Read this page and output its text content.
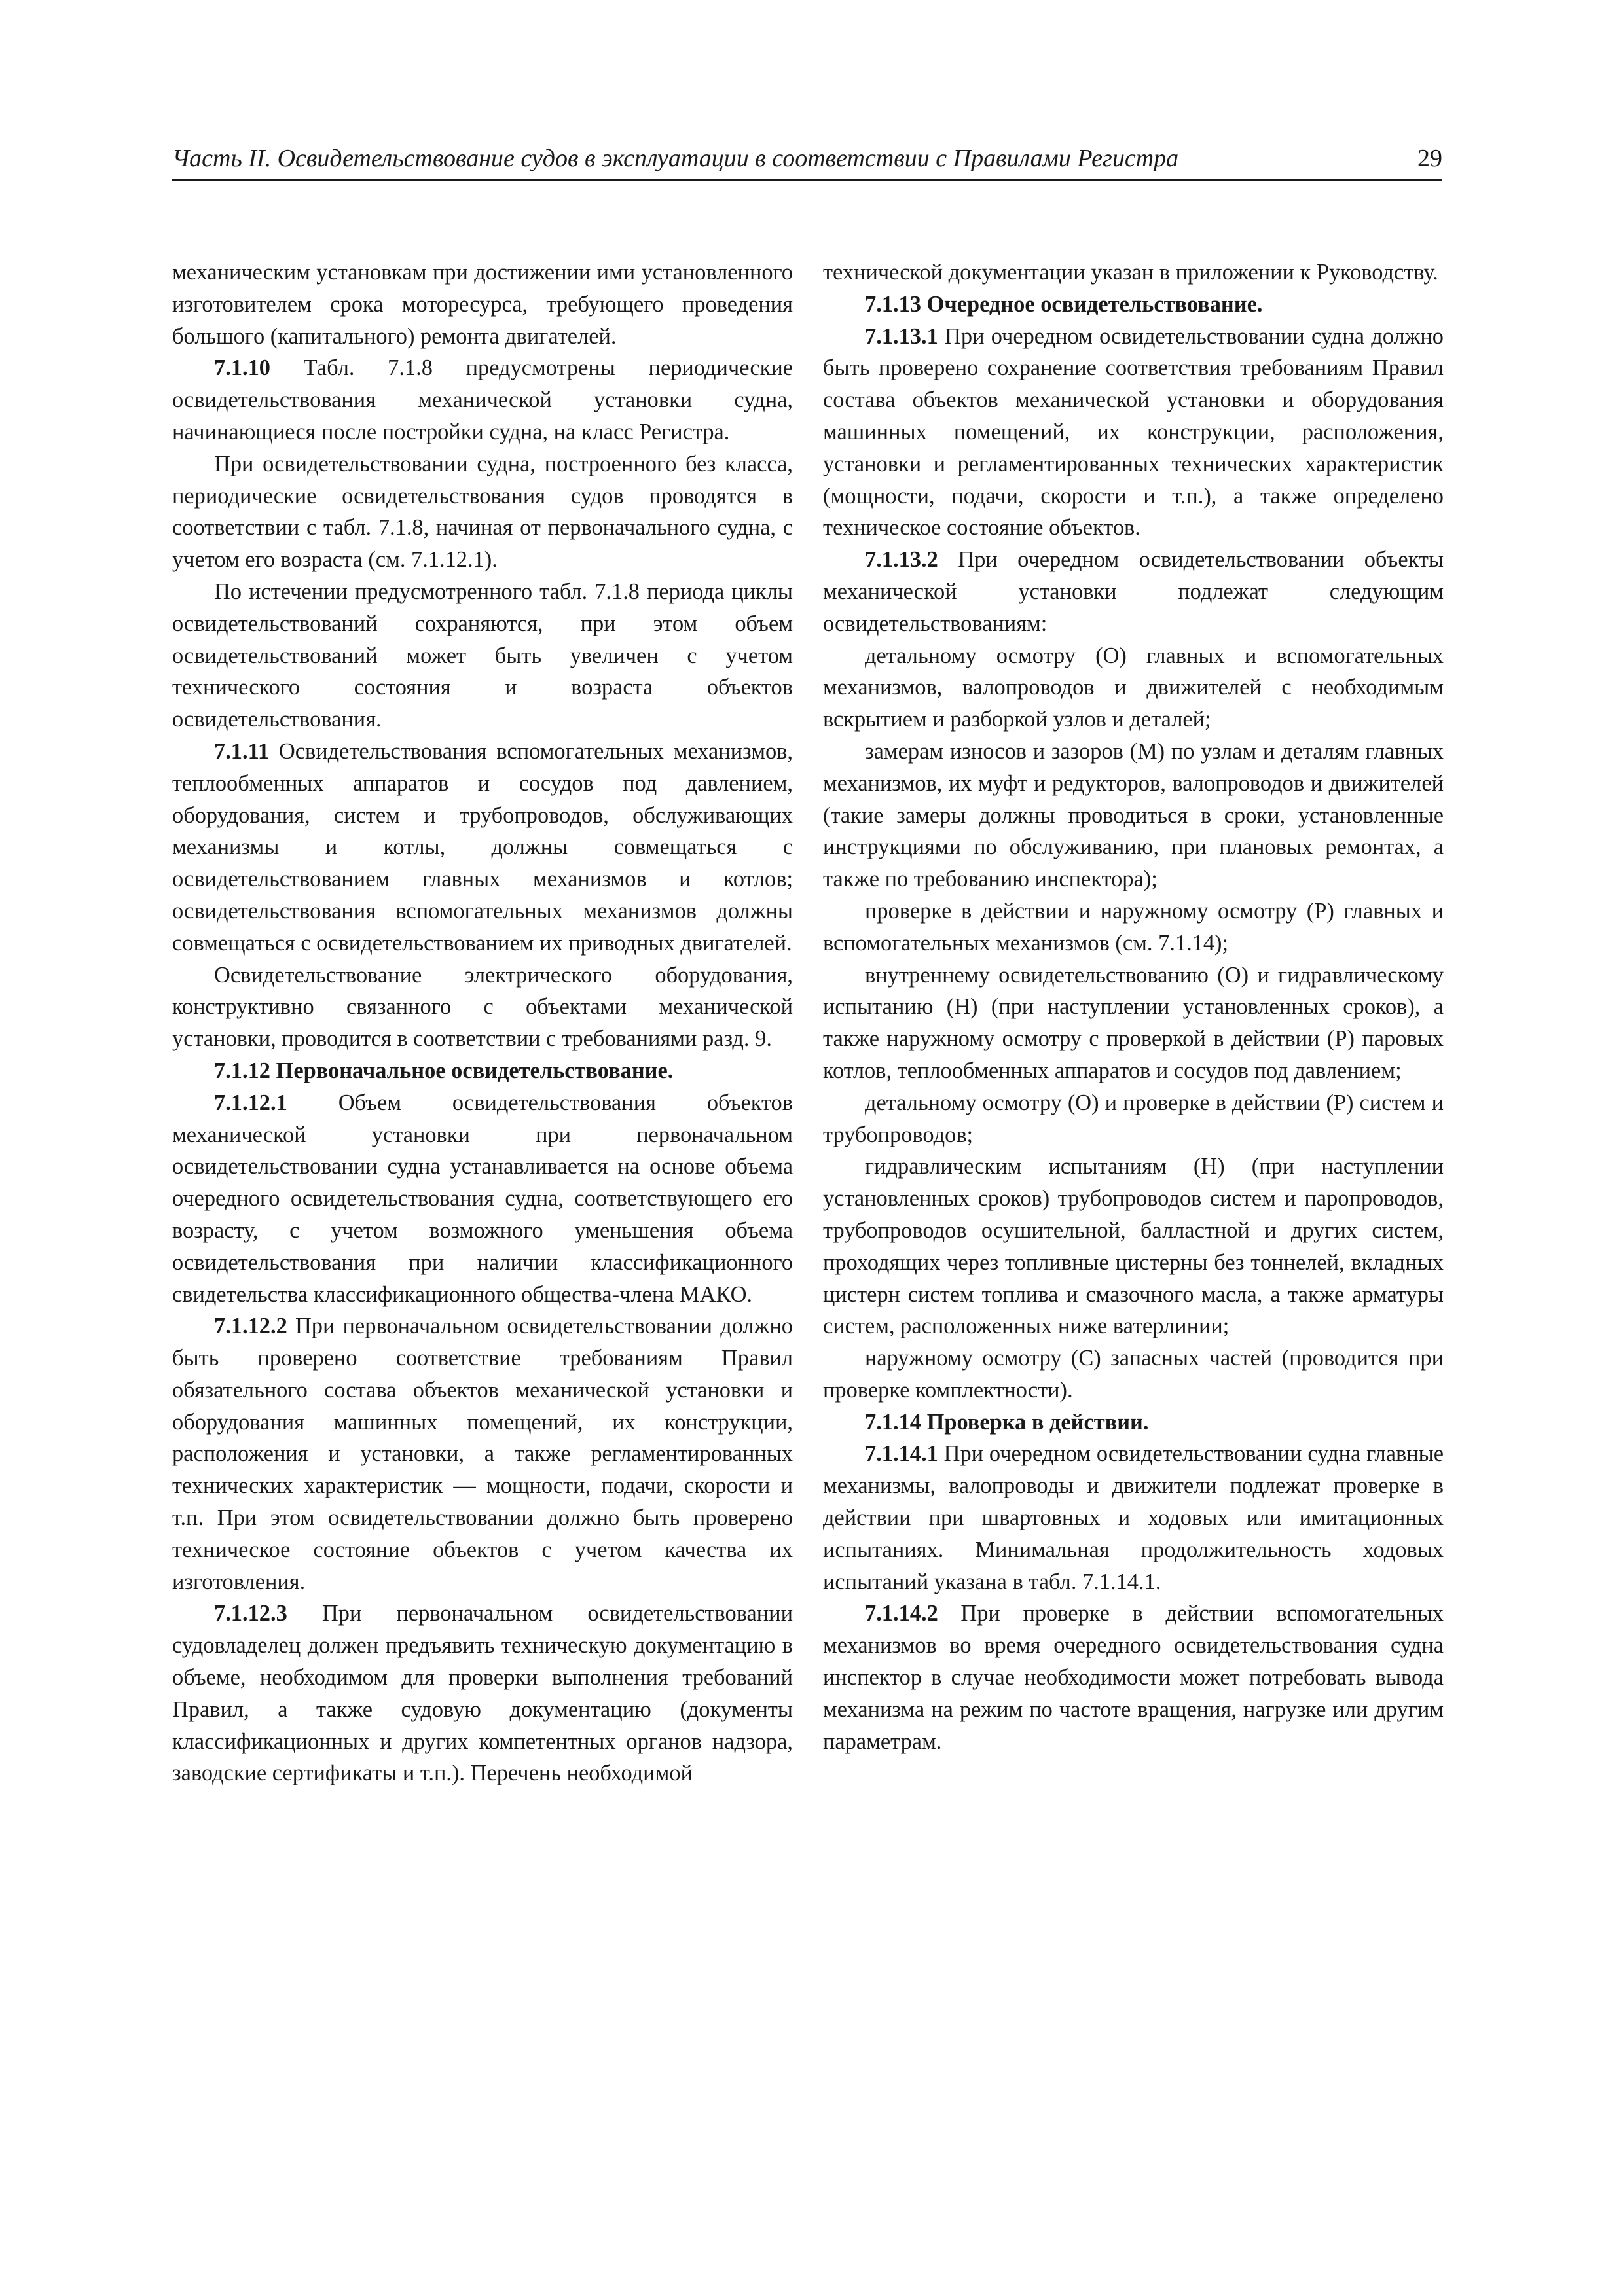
Часть II. Освидетельствование судов в эксплуатации в соответствии с Правилами Регистра	29

механическим установкам при достижении ими установленного изготовителем срока моторесурса, требующего проведения большого (капитального) ремонта двигателей.

7.1.10 Табл. 7.1.8 предусмотрены периодические освидетельствования механической установки судна, начинающиеся после постройки судна, на класс Регистра.

При освидетельствовании судна, построенного без класса, периодические освидетельствования судов проводятся в соответствии с табл. 7.1.8, начиная от первоначального судна, с учетом его возраста (см. 7.1.12.1).

По истечении предусмотренного табл. 7.1.8 периода циклы освидетельствований сохраняются, при этом объем освидетельствований может быть увеличен с учетом технического состояния и возраста объектов освидетельствования.

7.1.11 Освидетельствования вспомогательных механизмов, теплообменных аппаратов и сосудов под давлением, оборудования, систем и трубопроводов, обслуживающих механизмы и котлы, должны совмещаться с освидетельствованием главных механизмов и котлов; освидетельствования вспомогательных механизмов должны совмещаться с освидетельствованием их приводных двигателей.

Освидетельствование электрического оборудования, конструктивно связанного с объектами механической установки, проводится в соответствии с требованиями разд. 9.

7.1.12 Первоначальное освидетельствование.

7.1.12.1 Объем освидетельствования объектов механической установки при первоначальном освидетельствовании судна устанавливается на основе объема очередного освидетельствования судна, соответствующего его возрасту, с учетом возможного уменьшения объема освидетельствования при наличии классификационного свидетельства классификационного общества-члена МАКО.

7.1.12.2 При первоначальном освидетельствовании должно быть проверено соответствие требованиям Правил обязательного состава объектов механической установки и оборудования машинных помещений, их конструкции, расположения и установки, а также регламентированных технических характеристик — мощности, подачи, скорости и т.п. При этом освидетельствовании должно быть проверено техническое состояние объектов с учетом качества их изготовления.

7.1.12.3 При первоначальном освидетельствовании судовладелец должен предъявить техническую документацию в объеме, необходимом для проверки выполнения требований Правил, а также судовую документацию (документы классификационных и других компетентных органов надзора, заводские сертификаты и т.п.). Перечень необходимой

технической документации указан в приложении к Руководству.

7.1.13 Очередное освидетельствование.

7.1.13.1 При очередном освидетельствовании судна должно быть проверено сохранение соответствия требованиям Правил состава объектов механической установки и оборудования машинных помещений, их конструкции, расположения, установки и регламентированных технических характеристик (мощности, подачи, скорости и т.п.), а также определено техническое состояние объектов.

7.1.13.2 При очередном освидетельствовании объекты механической установки подлежат следующим освидетельствованиям:

детальному осмотру (О) главных и вспомогательных механизмов, валопроводов и движителей с необходимым вскрытием и разборкой узлов и деталей;

замерам износов и зазоров (М) по узлам и деталям главных механизмов, их муфт и редукторов, валопроводов и движителей (такие замеры должны проводиться в сроки, установленные инструкциями по обслуживанию, при плановых ремонтах, а также по требованию инспектора);

проверке в действии и наружному осмотру (Р) главных и вспомогательных механизмов (см. 7.1.14);

внутреннему освидетельствованию (О) и гидравлическому испытанию (Н) (при наступлении установленных сроков), а также наружному осмотру с проверкой в действии (Р) паровых котлов, теплообменных аппаратов и сосудов под давлением;

детальному осмотру (О) и проверке в действии (Р) систем и трубопроводов;

гидравлическим испытаниям (Н) (при наступлении установленных сроков) трубопроводов систем и паропроводов, трубопроводов осушительной, балластной и других систем, проходящих через топливные цистерны без тоннелей, вкладных цистерн систем топлива и смазочного масла, а также арматуры систем, расположенных ниже ватерлинии;

наружному осмотру (С) запасных частей (проводится при проверке комплектности).

7.1.14 Проверка в действии.

7.1.14.1 При очередном освидетельствовании судна главные механизмы, валопроводы и движители подлежат проверке в действии при швартовных и ходовых или имитационных испытаниях. Минимальная продолжительность ходовых испытаний указана в табл. 7.1.14.1.

7.1.14.2 При проверке в действии вспомогательных механизмов во время очередного освидетельствования судна инспектор в случае необходимости может потребовать вывода механизма на режим по частоте вращения, нагрузке или другим параметрам.
